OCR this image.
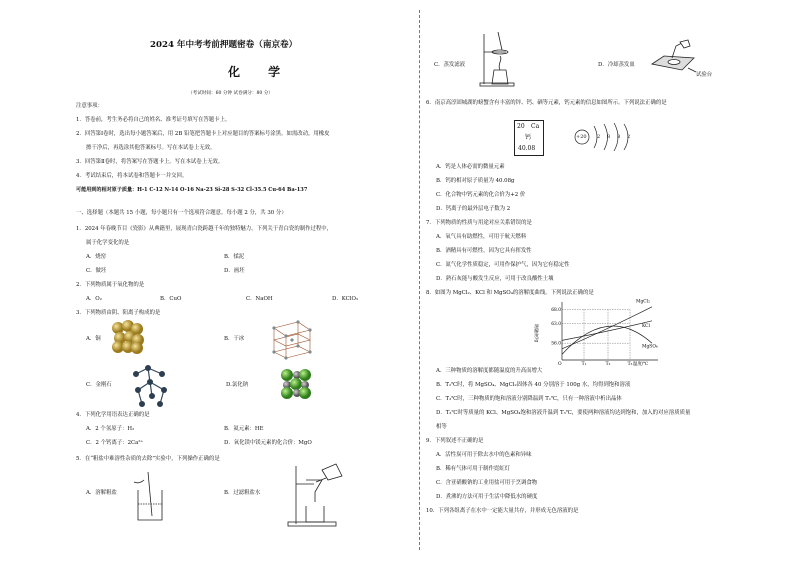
2024 年中考考前押题密卷（南京卷）
化 学
（考试时间：60 分钟 试卷满分：80 分）
注意事项：
1．答卷前，考生务必将自己的姓名、准考证号填写在答题卡上。
2．回答第Ⅰ卷时，选出每小题答案后，用 2B 铅笔把答题卡上对应题目的答案标号涂黑。如需改动，用橡皮
擦干净后，再选涂其他答案标号。写在本试卷上无效。
3．回答第Ⅱ卷时，将答案写在答题卡上。写在本试卷上无效。
4．考试结束后，将本试卷和答题卡一并交回。
可能用到的相对原子质量：H-1 C-12 N-14 O-16 Na-23 Si-28 S-32 Cl-35.5 Cu-64 Ba-137
一、选择题（本题共 15 小题，每小题只有一个选项符合题意。每小题 2 分，共 30 分）
1．2024 年春晚节目《瓷影》从典籍里，展现青白瓷跨越千年的独特魅力。下列关于青白瓷的制作过程中，
属于化学变化的是
A．烧窑	B．揉泥
C．做坯	D．画坯
2．下列物质属于氧化物的是
A．O₂	B．CuO	C．NaOH	D．KClO₃
3．下列物质由阴、阳离子构成的是
A．铜	B．干冰
C．金刚石	D.氯化钠
4．下列化学用语表达正确的是
A．2 个氢原子：H₂	B．氦元素：HE
C．2 个钙离子：2Ca²⁺	D．氧化镁中镁元素的化合价：MgO
5．在“粗盐中难溶性杂质的去除”实验中，下列操作正确的是
A．溶解粗盐	B．过滤粗盐水
C．蒸发滤液	D．冷却蒸发皿
试验台
6．南京高淳固城湖的螃蟹含有丰富的锌、钙、硒等元素，钙元素的信息如图所示。下列说法正确的是
20 Ca
钙
40.08
+20 2 8 8 2
A．钙是人体必需的微量元素
B．钙的相对原子质量为 40.08g
C．化合物中钙元素的化合价为+2 价
D．钙离子的最外层电子数为 2
7．下列物质的性质与用途对应关系错误的是
A．氧气具有助燃性，可用于航天燃料
B．酒精具有可燃性，因为它具有挥发性
C．氮气化学性质稳定，可用作保护气，因为它有稳定性
D．熟石灰能与酸发生反应，可用于改良酸性土壤
8．如图为 MgCl₂、KCl 和 MgSO₄的溶解度曲线。下列说法正确的是
溶解度/g
温度/℃
O
68.0
63.0
56.0
T₁	T₂	T₃
MgCl₂
KCl
MgSO₄
A．三种物质的溶解度都随温度的升高而增大
B．T₂℃时，将 MgSO₄、MgCl₂固体各 40 分别溶于 100g 水，均得到饱和溶液
C．T₃℃时，三种物质的饱和溶液分别降温到 T₁℃，只有一种溶液中析出晶体
D．T₃℃时等质量的 KCl、MgSO₄饱和溶液升温到 T₃℃，要使两种溶液均达到饱和，加入的对应溶质质量
相等
9．下列叙述不正确的是
A．活性炭可用于除去水中的色素和异味
B．稀有气体可用于制作霓虹灯
C．含亚硝酸钠的工业用盐可用于烹调食物
D．煮沸的方法可用于生活中降低水的硬度
10．下列各组离子在水中一定能大量共存，并形成无色溶液的是
